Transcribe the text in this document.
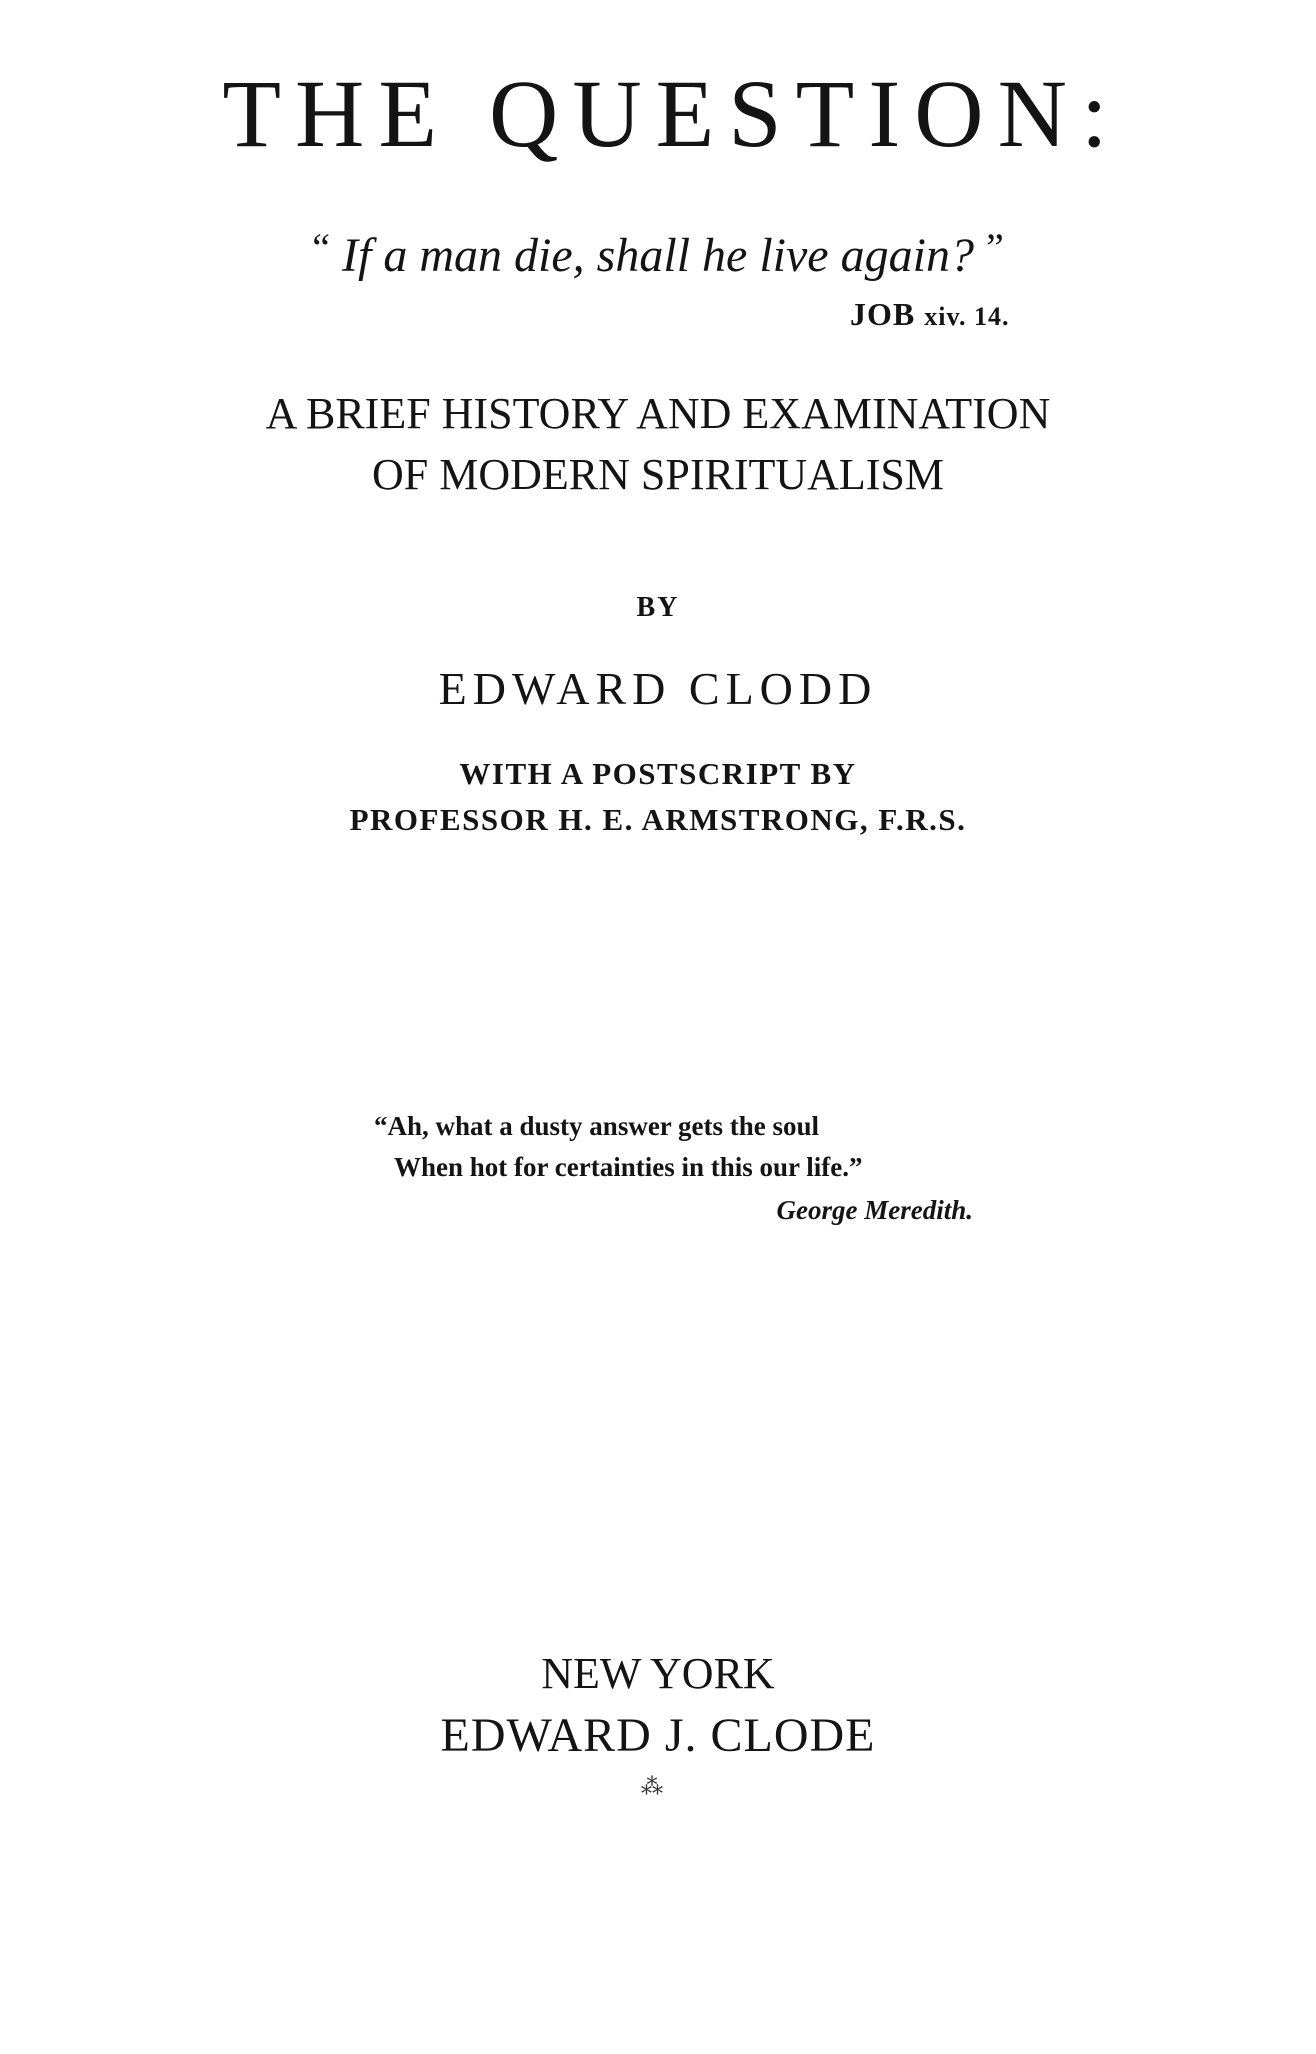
THE QUESTION:
“ If a man die, shall he live again? ”
JOB xiv. 14.
A BRIEF HISTORY AND EXAMINATION
OF MODERN SPIRITUALISM
BY
EDWARD CLODD
WITH A POSTSCRIPT BY
PROFESSOR H. E. ARMSTRONG, F.R.S.
“Ah, what a dusty answer gets the soul
When hot for certainties in this our life.”
George Meredith.
NEW YORK
EDWARD J. CLODE
⁂
